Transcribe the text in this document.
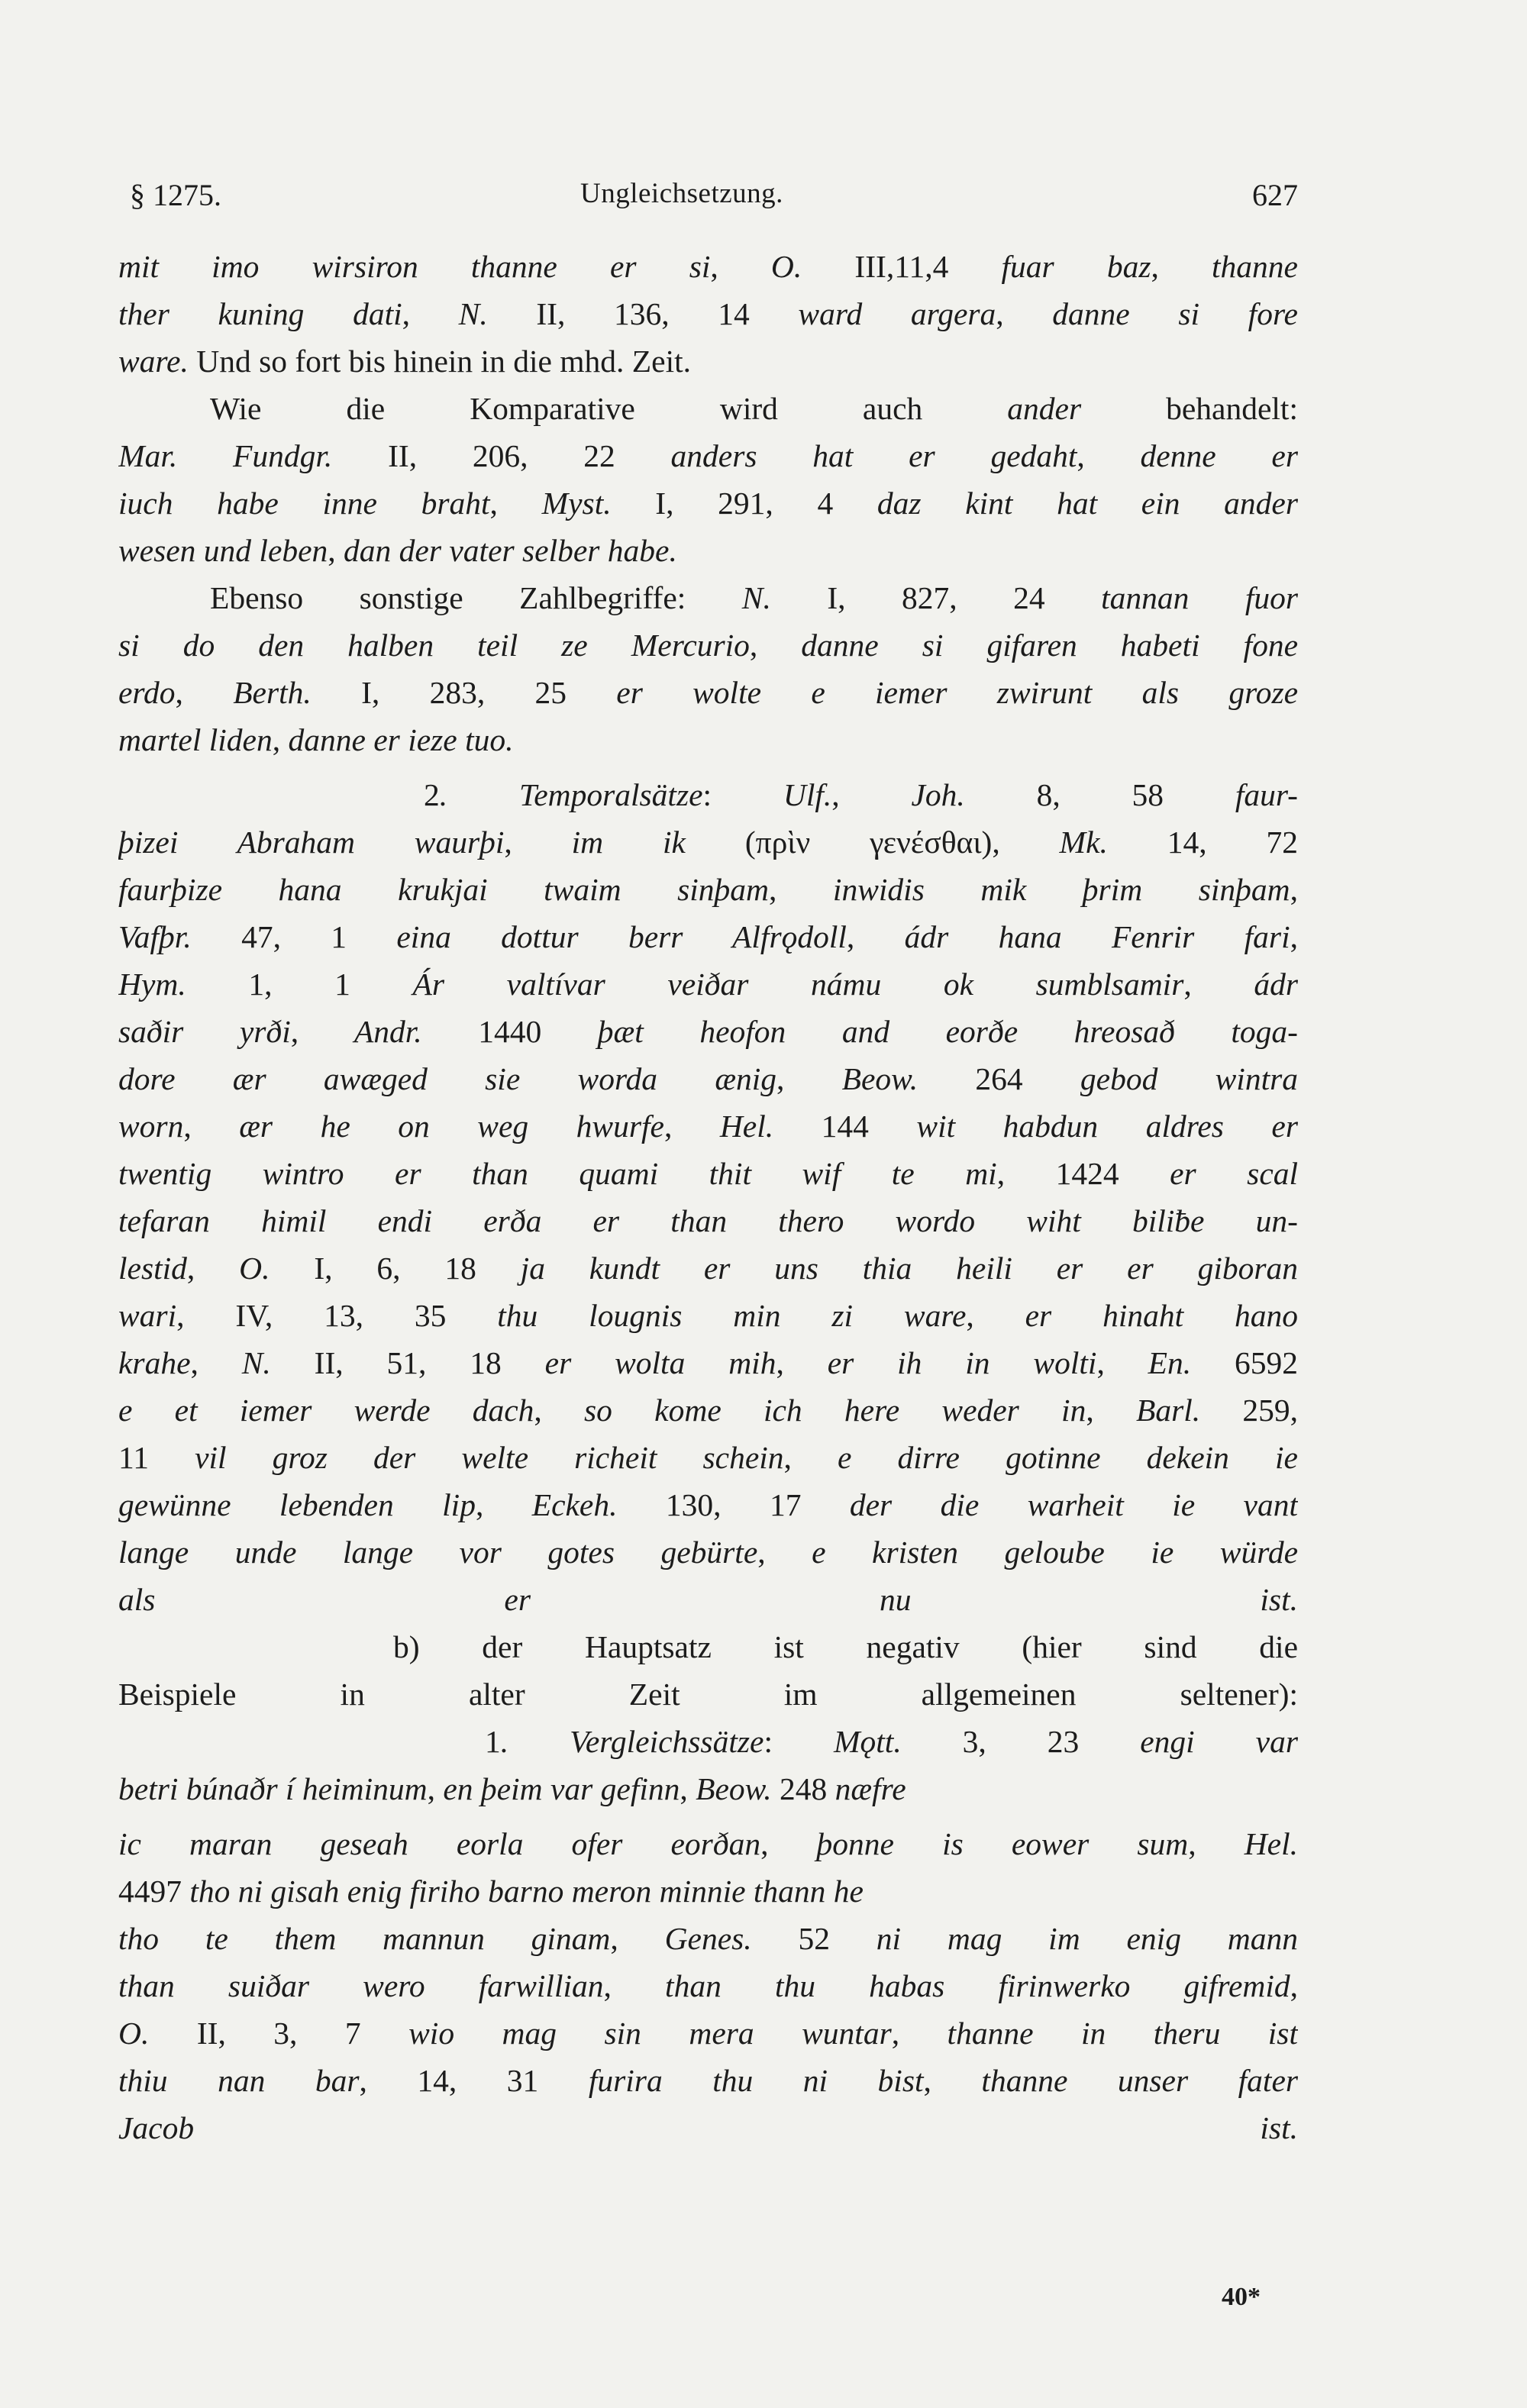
§ 1275.	Ungleichsetzung.	627
mit imo wirsiron thanne er si, O. III,11,4 fuar baz, thanne
ther kuning dati, N. II, 136, 14 ward argera, danne si fore
ware. Und so fort bis hinein in die mhd. Zeit.
Wie die Komparative wird auch ander behandelt:
Mar. Fundgr. II, 206, 22 anders hat er gedaht, denne er
iuch habe inne braht, Myst. I, 291, 4 daz kint hat ein ander
wesen und leben, dan der vater selber habe.
Ebenso sonstige Zahlbegriffe: N. I, 827, 24 tannan fuor
si do den halben teil ze Mercurio, danne si gifaren habeti fone
erdo, Berth. I, 283, 25 er wolte e iemer zwirunt als groze
martel liden, danne er ieze tuo.
2. Temporalsätze: Ulf., Joh. 8, 58 faur-
þizei Abraham waurþi, im ik (πρὶν γενέσθαι), Mk. 14, 72
faurþize hana krukjai twaim sinþam, inwidis mik þrim sinþam,
Vafþr. 47, 1 eina dottur berr Alfrǫdoll, ádr hana Fenrir fari,
Hym. 1, 1 Ár valtívar veiðar námu ok sumblsamir, ádr
saðir yrði, Andr. 1440 þæt heofon and eorðe hreosað toga-
dore ær awæged sie worda ænig, Beow. 264 gebod wintra
worn, ær he on weg hwurfe, Hel. 144 wit habdun aldres er
twentig wintro er than quami thit wif te mi, 1424 er scal
tefaran himil endi erða er than thero wordo wiht biliƀe un-
lestid, O. I, 6, 18 ja kundt er uns thia heili er er giboran
wari, IV, 13, 35 thu lougnis min zi ware, er hinaht hano
krahe, N. II, 51, 18 er wolta mih, er ih in wolti, En. 6592
e et iemer werde dach, so kome ich here weder in, Barl. 259,
11 vil groz der welte richeit schein, e dirre gotinne dekein ie
gewünne lebenden lip, Eckeh. 130, 17 der die warheit ie vant
lange unde lange vor gotes gebürte, e kristen geloube ie würde
als er nu ist.
b) der Hauptsatz ist negativ (hier sind die
Beispiele in alter Zeit im allgemeinen seltener):
1. Vergleichssätze: Mǫtt. 3, 23 engi var
betri búnaðr í heiminum, en þeim var gefinn, Beow. 248 næfre
ic maran geseah eorla ofer eorðan, þonne is eower sum, Hel.
4497 tho ni gisah enig firiho barno meron minnie thann he
tho te them mannun ginam, Genes. 52 ni mag im enig mann
than suiðar wero farwillian, than thu habas firinwerko gifremid,
O. II, 3, 7 wio mag sin mera wuntar, thanne in theru ist
thiu nan bar, 14, 31 furira thu ni bist, thanne unser fater
Jacob ist.
40*
